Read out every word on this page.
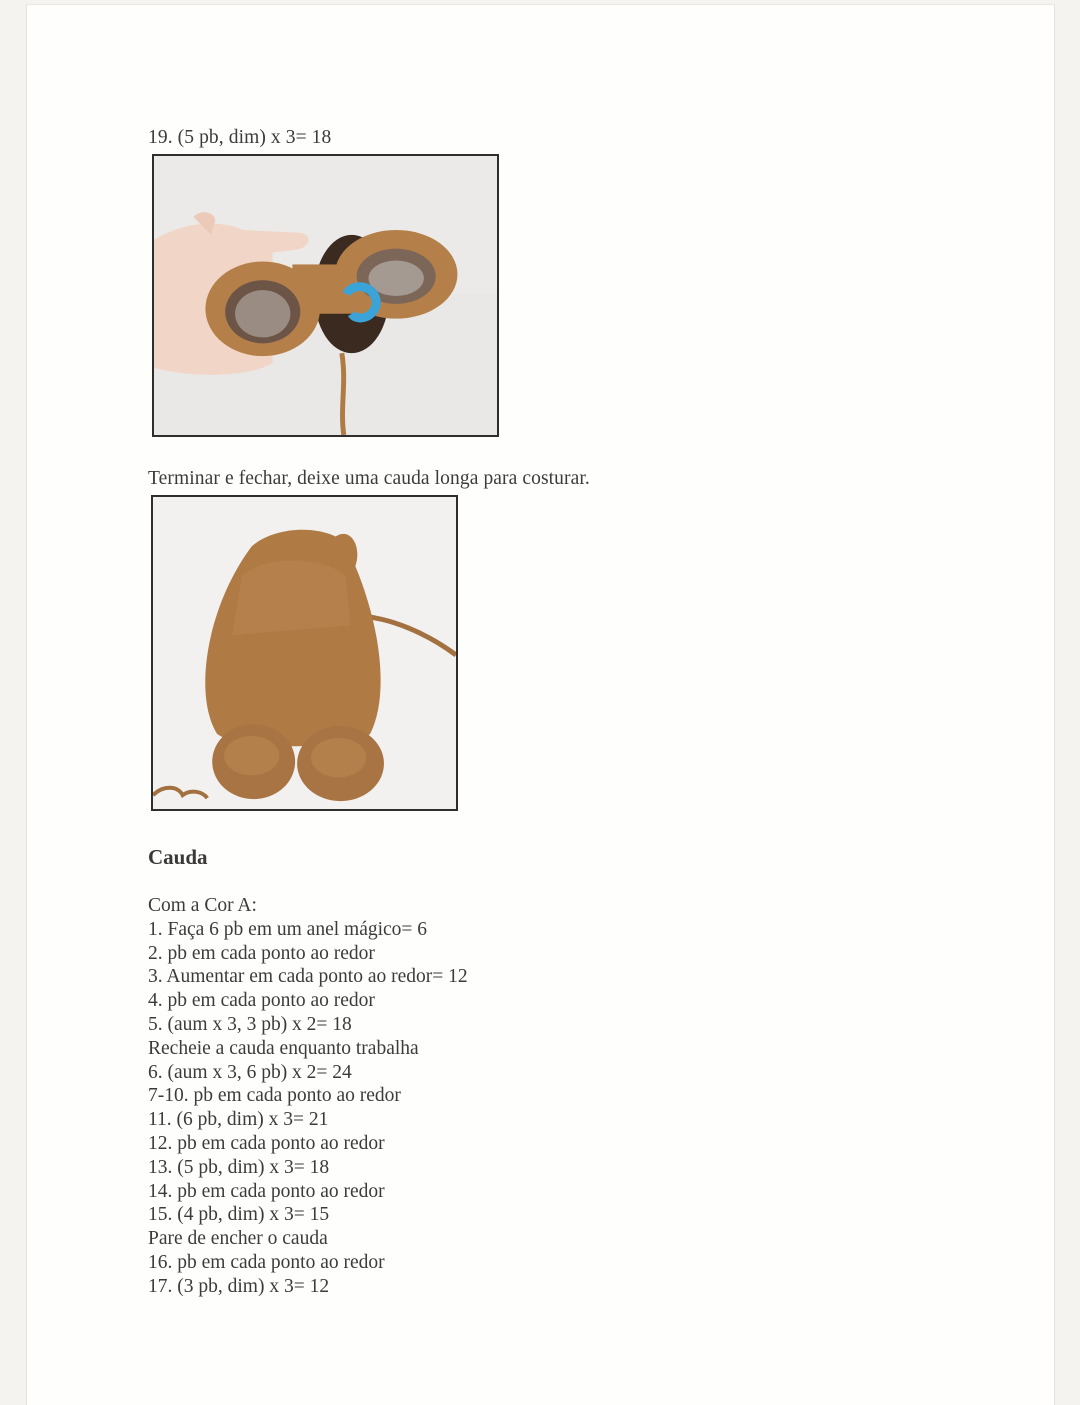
19. (5 pb, dim) x 3= 18
Terminar e fechar, deixe uma cauda longa para costurar.
Cauda
Com a Cor A:
1. Faça 6 pb em um anel mágico= 6
2. pb em cada ponto ao redor
3. Aumentar em cada ponto ao redor= 12
4. pb em cada ponto ao redor
5. (aum x 3, 3 pb) x 2= 18
Recheie a cauda enquanto trabalha
6. (aum x 3, 6 pb) x 2= 24
7-10. pb em cada ponto ao redor
11. (6 pb, dim) x 3= 21
12. pb em cada ponto ao redor
13. (5 pb, dim) x 3= 18
14. pb em cada ponto ao redor
15. (4 pb, dim) x 3= 15
Pare de encher o cauda
16. pb em cada ponto ao redor
17. (3 pb, dim) x 3= 12
